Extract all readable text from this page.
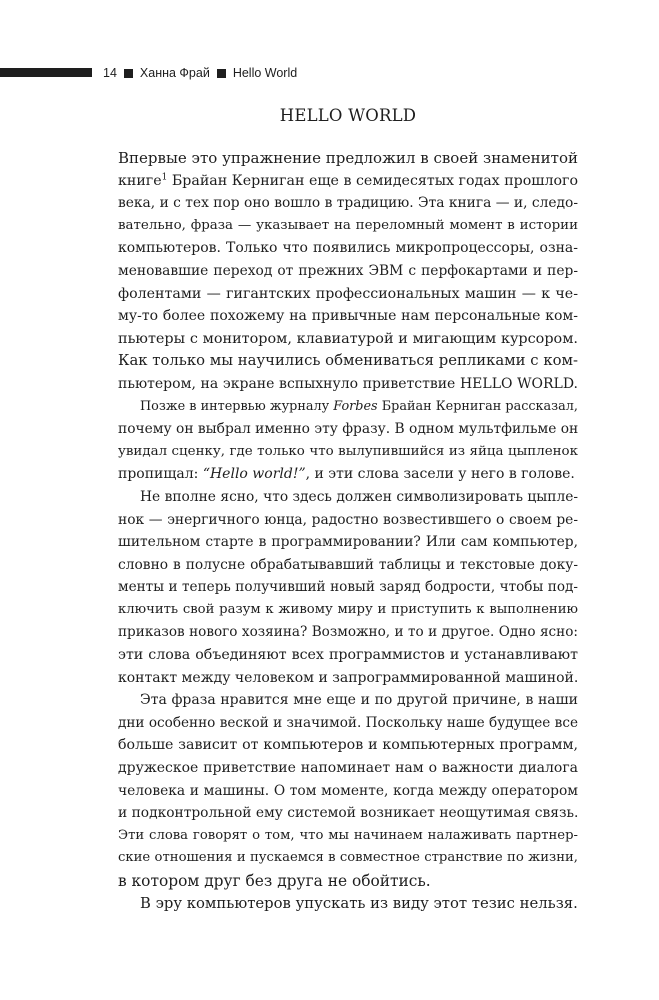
14 Ханна Фрай Hello World
HELLO WORLD
Впервые это упражнение предложил в своей знаменитой
книге$^1$ Брайан Керниган еще в семидесятых годах прошлого
века, и с тех пор оно вошло в традицию. Эта книга — и, следо-
вательно, фраза — указывает на переломный момент в истории
компьютеров. Только что появились микропроцессоры, озна-
меновавшие переход от прежних ЭВМ с перфокартами и пер-
фолентами — гигантских профессиональных машин — к че-
му-то более похожему на привычные нам персональные ком-
пьютеры с монитором, клавиатурой и мигающим курсором.
Как только мы научились обмениваться репликами с ком-
пьютером, на экране вспыхнуло приветствие HELLO WORLD.
Позже в интервью журналу Forbes Брайан Керниган рассказал,
почему он выбрал именно эту фразу. В одном мультфильме он
увидал сценку, где только что вылупившийся из яйца цыпленок
пропищал: “Hello world!”, и эти слова засели у него в голове.
Не вполне ясно, что здесь должен символизировать цыпле-
нок — энергичного юнца, радостно возвестившего о своем ре-
шительном старте в программировании? Или сам компьютер,
словно в полусне обрабатывавший таблицы и текстовые доку-
менты и теперь получивший новый заряд бодрости, чтобы под-
ключить свой разум к живому миру и приступить к выполнению
приказов нового хозяина? Возможно, и то и другое. Одно ясно:
эти слова объединяют всех программистов и устанавливают
контакт между человеком и запрограммированной машиной.
Эта фраза нравится мне еще и по другой причине, в наши
дни особенно веской и значимой. Поскольку наше будущее все
больше зависит от компьютеров и компьютерных программ,
дружеское приветствие напоминает нам о важности диалога
человека и машины. О том моменте, когда между оператором
и подконтрольной ему системой возникает неощутимая связь.
Эти слова говорят о том, что мы начинаем налаживать партнер-
ские отношения и пускаемся в совместное странствие по жизни,
в котором друг без друга не обойтись.
В эру компьютеров упускать из виду этот тезис нельзя.
